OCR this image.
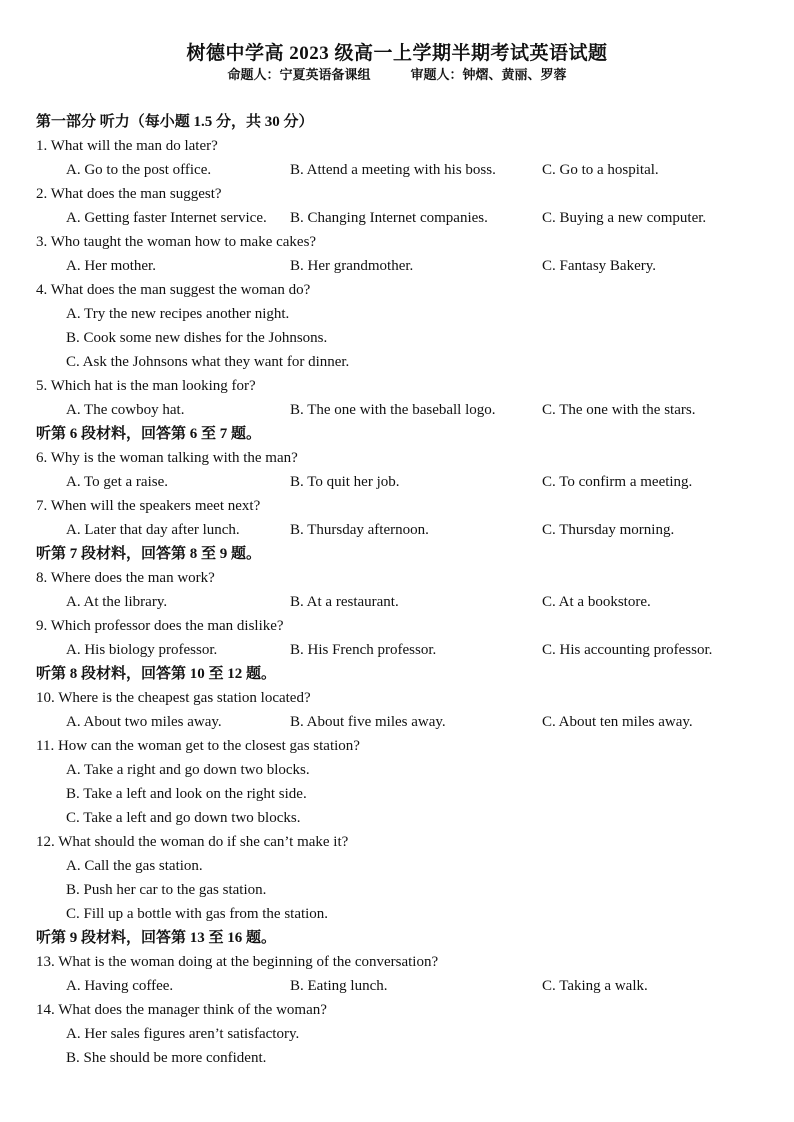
树德中学高 2023 级高一上学期半期考试英语试题
命题人：宁夏英语备课组	审题人：钟熠、黄丽、罗蓉
第一部分 听力（每小题 1.5 分，共 30 分）
1. What will the man do later?
A. Go to the post office.	B. Attend a meeting with his boss.	C. Go to a hospital.
2. What does the man suggest?
A. Getting faster Internet service. B. Changing Internet companies.	C. Buying a new computer.
3. Who taught the woman how to make cakes?
A. Her mother.	B. Her grandmother.	C. Fantasy Bakery.
4. What does the man suggest the woman do?
A. Try the new recipes another night.
B. Cook some new dishes for the Johnsons.
C. Ask the Johnsons what they want for dinner.
5. Which hat is the man looking for?
A. The cowboy hat.	B. The one with the baseball logo.	C. The one with the stars.
听第 6 段材料，回答第 6 至 7 题。
6. Why is the woman talking with the man?
A. To get a raise.	B. To quit her job.	C. To confirm a meeting.
7. When will the speakers meet next?
A. Later that day after lunch.	B. Thursday afternoon.	C. Thursday morning.
听第 7 段材料，回答第 8 至 9 题。
8. Where does the man work?
A. At the library.	B. At a restaurant.	C. At a bookstore.
9. Which professor does the man dislike?
A. His biology professor.	B. His French professor.	C. His accounting professor.
听第 8 段材料，回答第 10 至 12 题。
10. Where is the cheapest gas station located?
A. About two miles away.	B. About five miles away.	C. About ten miles away.
11. How can the woman get to the closest gas station?
A. Take a right and go down two blocks.
B. Take a left and look on the right side.
C. Take a left and go down two blocks.
12. What should the woman do if she can’t make it?
A. Call the gas station.
B. Push her car to the gas station.
C. Fill up a bottle with gas from the station.
听第 9 段材料，回答第 13 至 16 题。
13. What is the woman doing at the beginning of the conversation?
A. Having coffee.	B. Eating lunch.	C. Taking a walk.
14. What does the manager think of the woman?
A. Her sales figures aren’t satisfactory.
B. She should be more confident.
